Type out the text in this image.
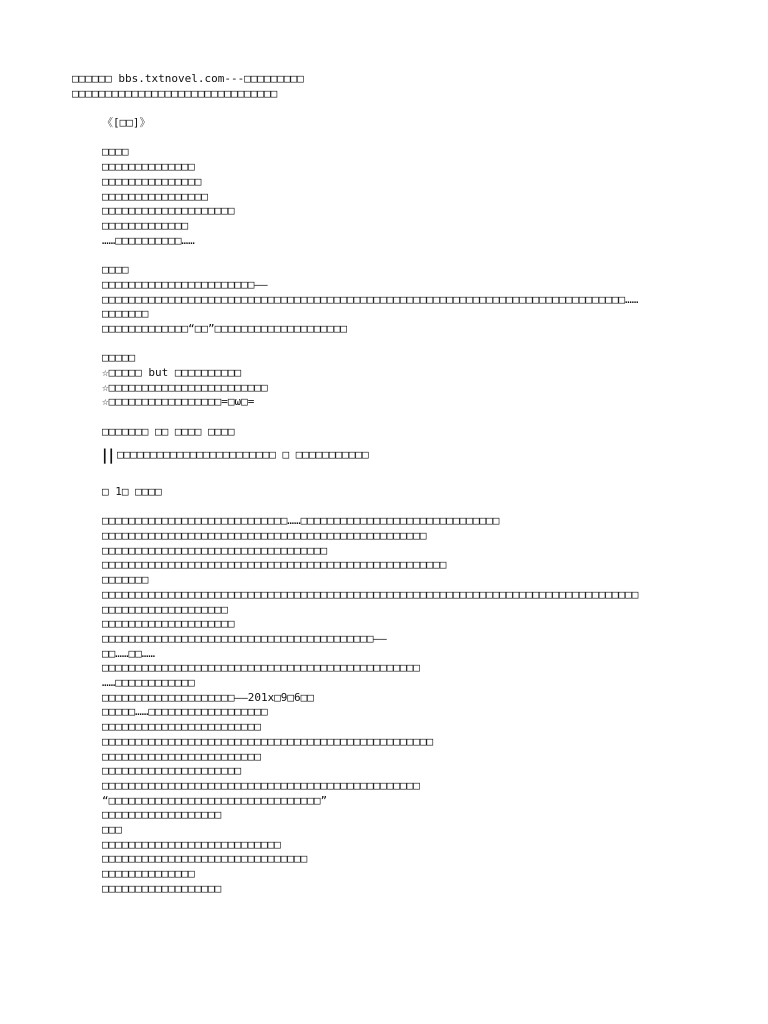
□□□□□□ bbs.txtnovel.com---□□□□□□□□□
□□□□□□□□□□□□□□□□□□□□□□□□□□□□□□□
《[□□]》
□□□□
□□□□□□□□□□□□□□
□□□□□□□□□□□□□□□
□□□□□□□□□□□□□□□□
□□□□□□□□□□□□□□□□□□□□
□□□□□□□□□□□□□
……□□□□□□□□□□……
□□□□
□□□□□□□□□□□□□□□□□□□□□□□——
□□□□□□□□□□□□□□□□□□□□□□□□□□□□□□□□□□□□□□□□□□□□□□□□□□□□□□□□□□□□□□□□□□□□□□□□□□□□□□□……
□□□□□□□
□□□□□□□□□□□□□“□□”□□□□□□□□□□□□□□□□□□□□
□□□□□
☆□□□□□ but □□□□□□□□□□
☆□□□□□□□□□□□□□□□□□□□□□□□□
☆□□□□□□□□□□□□□□□□□=□ω□=
□□□□□□□ □□ □□□□ □□□□
|| □□□□□□□□□□□□□□□□□□□□□□□□ □ □□□□□□□□□□□
□ 1□ □□□□
□□□□□□□□□□□□□□□□□□□□□□□□□□□□……□□□□□□□□□□□□□□□□□□□□□□□□□□□□□□
□□□□□□□□□□□□□□□□□□□□□□□□□□□□□□□□□□□□□□□□□□□□□□□□□
□□□□□□□□□□□□□□□□□□□□□□□□□□□□□□□□□□
□□□□□□□□□□□□□□□□□□□□□□□□□□□□□□□□□□□□□□□□□□□□□□□□□□□□
□□□□□□□
□□□□□□□□□□□□□□□□□□□□□□□□□□□□□□□□□□□□□□□□□□□□□□□□□□□□□□□□□□□□□□□□□□□□□□□□□□□□□□□□□
□□□□□□□□□□□□□□□□□□□
□□□□□□□□□□□□□□□□□□□□
□□□□□□□□□□□□□□□□□□□□□□□□□□□□□□□□□□□□□□□□□——
□□……□□……
□□□□□□□□□□□□□□□□□□□□□□□□□□□□□□□□□□□□□□□□□□□□□□□□
……□□□□□□□□□□□□
□□□□□□□□□□□□□□□□□□□□——201x□9□6□□
□□□□□……□□□□□□□□□□□□□□□□□□
□□□□□□□□□□□□□□□□□□□□□□□□
□□□□□□□□□□□□□□□□□□□□□□□□□□□□□□□□□□□□□□□□□□□□□□□□□□
□□□□□□□□□□□□□□□□□□□□□□□□
□□□□□□□□□□□□□□□□□□□□□
□□□□□□□□□□□□□□□□□□□□□□□□□□□□□□□□□□□□□□□□□□□□□□□□
“□□□□□□□□□□□□□□□□□□□□□□□□□□□□□□□□”
□□□□□□□□□□□□□□□□□□
□□□
□□□□□□□□□□□□□□□□□□□□□□□□□□□
□□□□□□□□□□□□□□□□□□□□□□□□□□□□□□□
□□□□□□□□□□□□□□
□□□□□□□□□□□□□□□□□□
